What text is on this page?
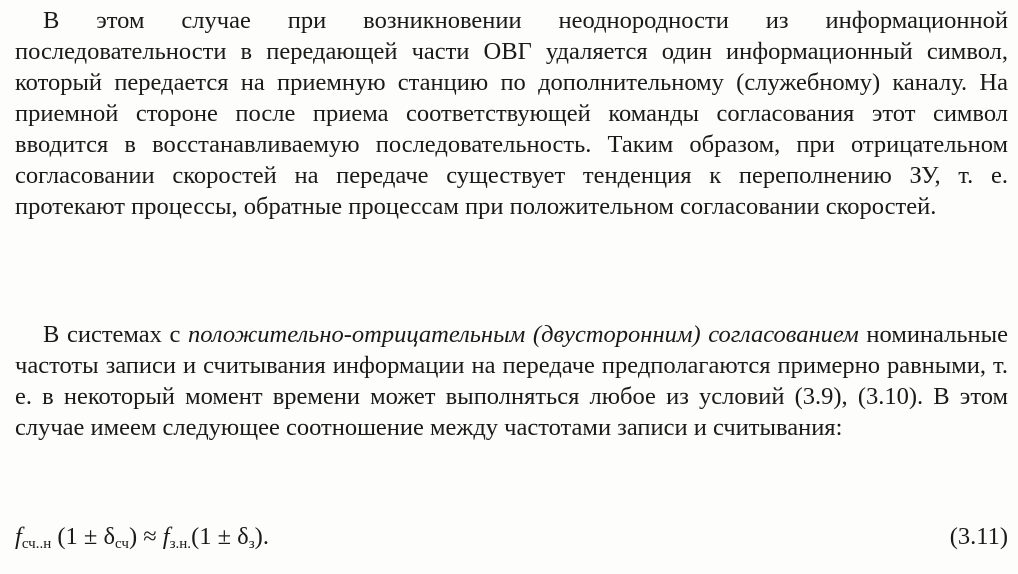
В этом случае при возникновении неоднородности из информационной последовательности в передающей части ОВГ удаляется один информационный символ, который передается на приемную станцию по дополнительному (служебному) каналу. На приемной стороне после приема соответствующей команды согласования этот символ вводится в восстанавливаемую последовательность. Таким образом, при отрицательном согласовании скоростей на передаче существует тенденция к переполнению ЗУ, т. е. протекают процессы, обратные процессам при положительном согласовании скоростей.

В системах с положительно-отрицательным (двусторонним) согласованием номинальные частоты записи и считывания информации на передаче предполагаются примерно равными, т. е. в некоторый момент времени может выполняться любое из условий (3.9), (3.10). В этом случае имеем следующее соотношение между частотами записи и считывания:

$f_{сч..н}$ $(1 \pm \delta_{сч}) \approx f_{з.н.}(1 \pm \delta_з)$.	(3.11)
